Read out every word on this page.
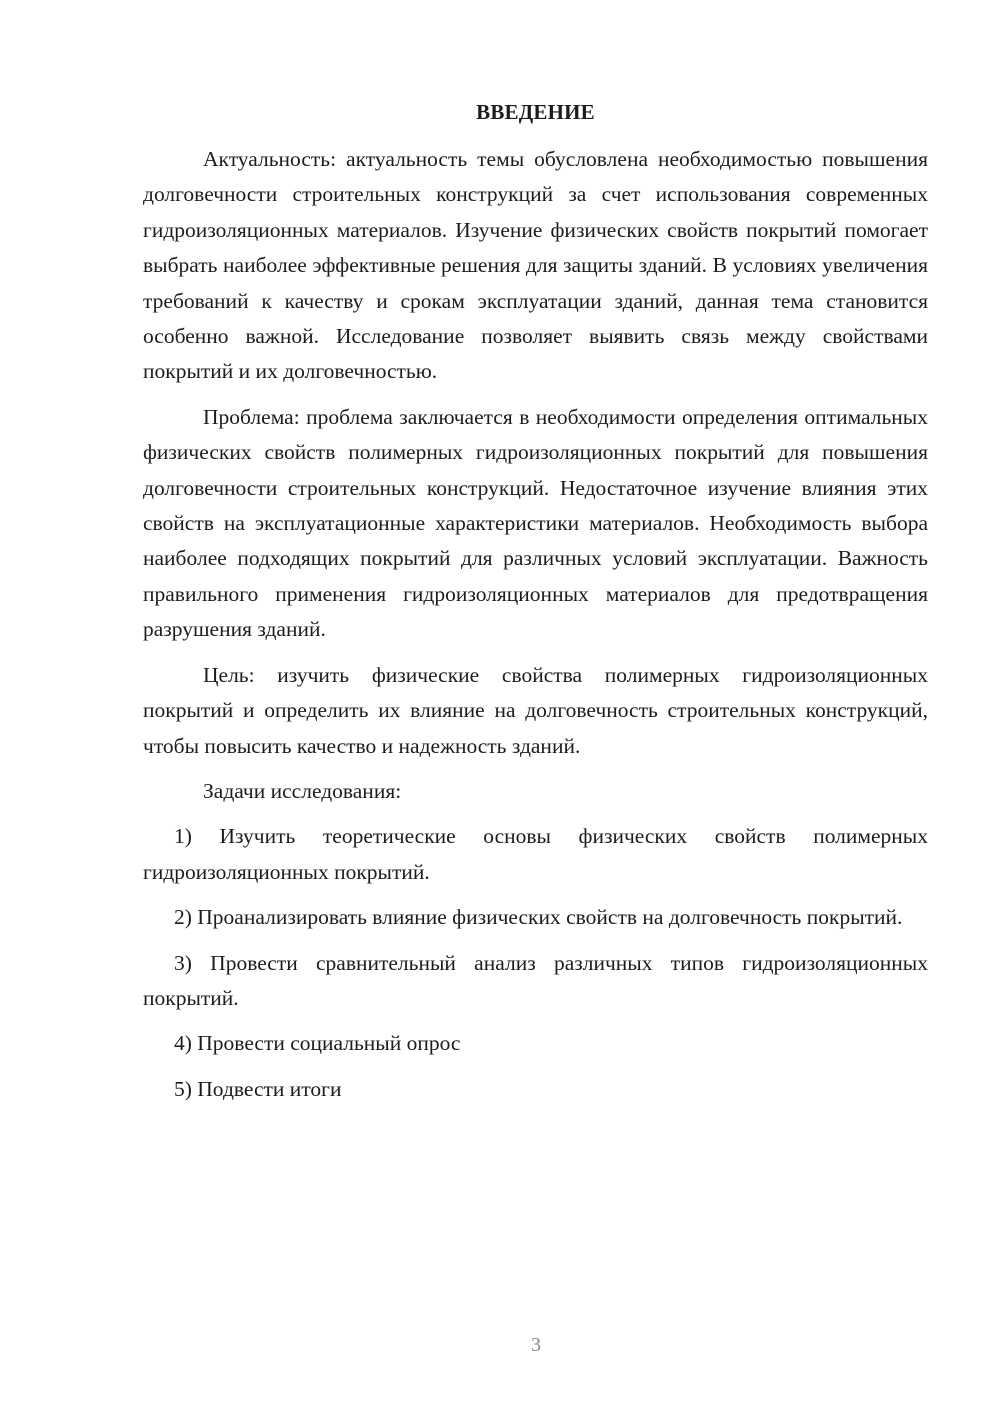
ВВЕДЕНИЕ

Актуальность: актуальность темы обусловлена необходимостью повышения долговечности строительных конструкций за счет использования современных гидроизоляционных материалов. Изучение физических свойств покрытий помогает выбрать наиболее эффективные решения для защиты зданий. В условиях увеличения требований к качеству и срокам эксплуатации зданий, данная тема становится особенно важной. Исследование позволяет выявить связь между свойствами покрытий и их долговечностью.

Проблема: проблема заключается в необходимости определения оптимальных физических свойств полимерных гидроизоляционных покрытий для повышения долговечности строительных конструкций. Недостаточное изучение влияния этих свойств на эксплуатационные характеристики материалов. Необходимость выбора наиболее подходящих покрытий для различных условий эксплуатации. Важность правильного применения гидроизоляционных материалов для предотвращения разрушения зданий.

Цель: изучить физические свойства полимерных гидроизоляционных покрытий и определить их влияние на долговечность строительных конструкций, чтобы повысить качество и надежность зданий.

Задачи исследования:

1) Изучить теоретические основы физических свойств полимерных гидроизоляционных покрытий.

2) Проанализировать влияние физических свойств на долговечность покрытий.

3) Провести сравнительный анализ различных типов гидроизоляционных покрытий.

4) Провести социальный опрос

5) Подвести итоги

3
